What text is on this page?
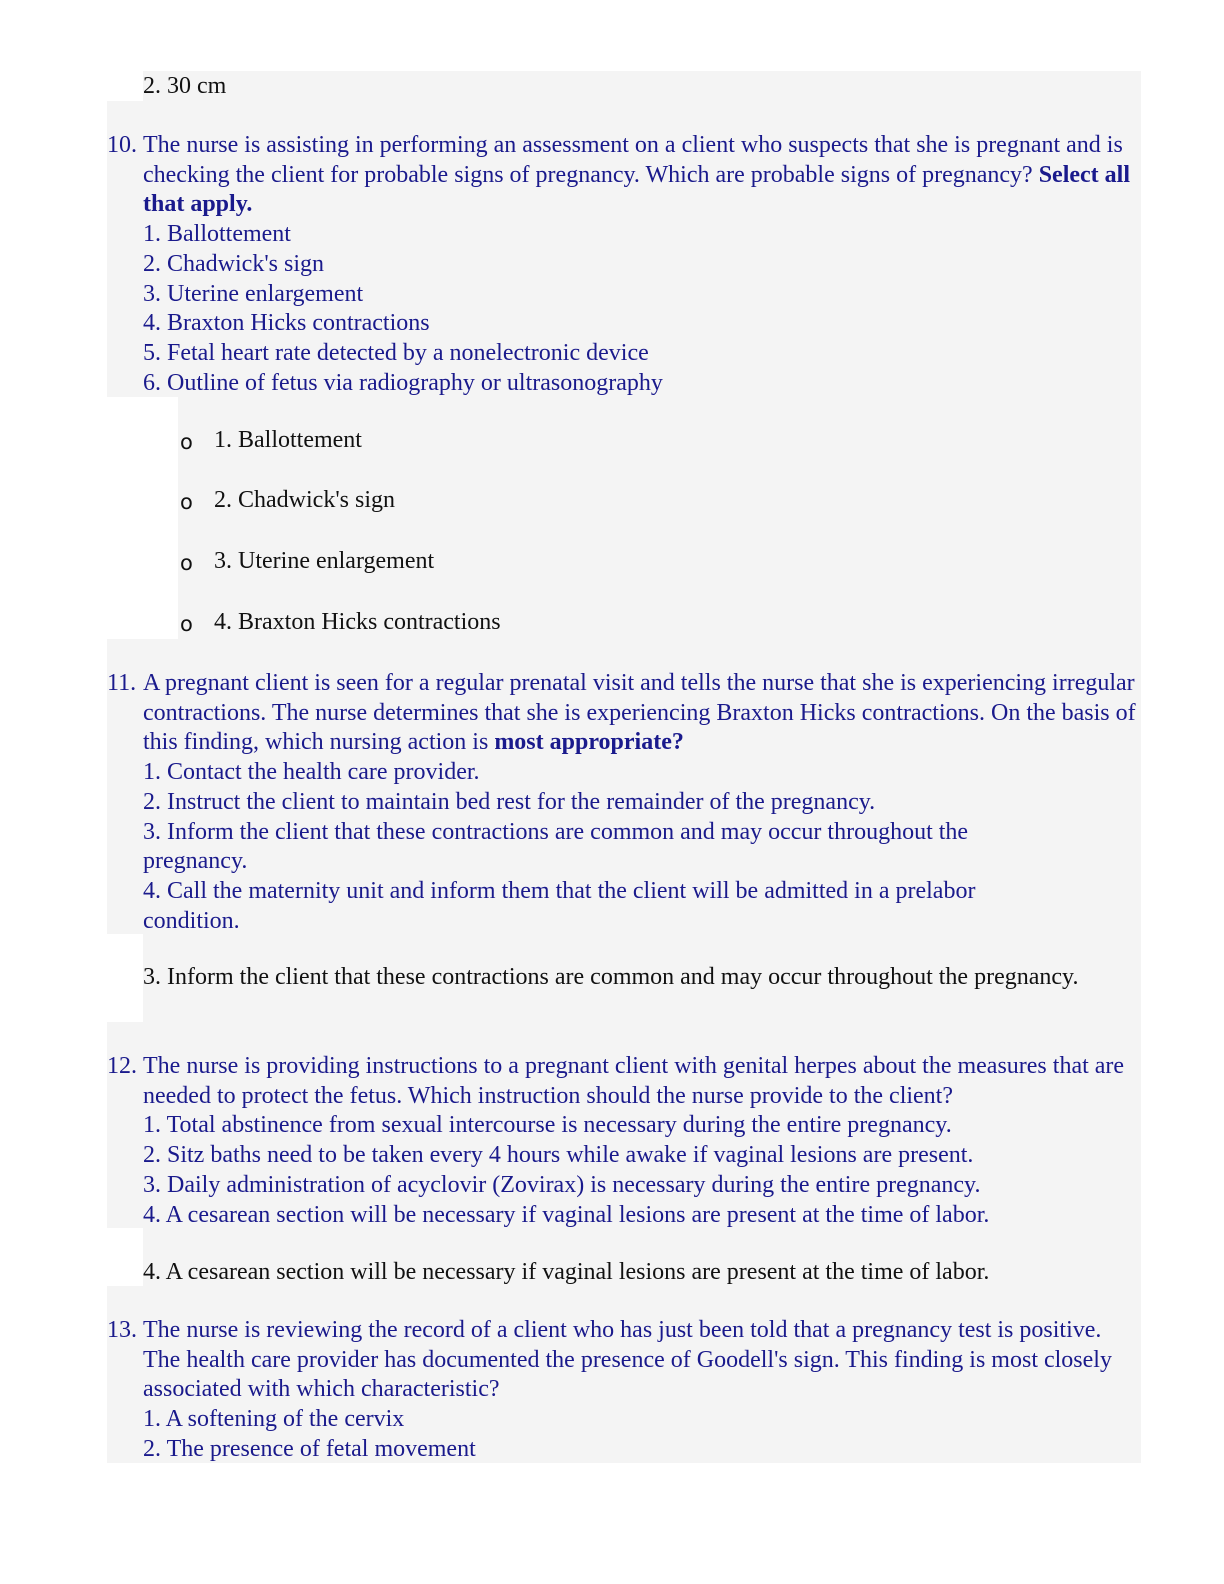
2. 30 cm
10. The nurse is assisting in performing an assessment on a client who suspects that she is pregnant and is checking the client for probable signs of pregnancy. Which are probable signs of pregnancy? Select all that apply.

1. Ballottement

2. Chadwick's sign

3. Uterine enlargement

4. Braxton Hicks contractions

5. Fetal heart rate detected by a nonelectronic device

6. Outline of fetus via radiography or ultrasonography

o 1. Ballottement
o 2. Chadwick's sign
o 3. Uterine enlargement
o 4. Braxton Hicks contractions
11. A pregnant client is seen for a regular prenatal visit and tells the nurse that she is experiencing irregular contractions. The nurse determines that she is experiencing Braxton Hicks contractions. On the basis of this finding, which nursing action is most appropriate?

1. Contact the health care provider.

2. Instruct the client to maintain bed rest for the remainder of the pregnancy.

3. Inform the client that these contractions are common and may occur throughout the pregnancy.

4. Call the maternity unit and inform them that the client will be admitted in a prelabor condition.

3. Inform the client that these contractions are common and may occur throughout the pregnancy.
12. The nurse is providing instructions to a pregnant client with genital herpes about the measures that are needed to protect the fetus. Which instruction should the nurse provide to the client?

1. Total abstinence from sexual intercourse is necessary during the entire pregnancy.

2. Sitz baths need to be taken every 4 hours while awake if vaginal lesions are present.

3. Daily administration of acyclovir (Zovirax) is necessary during the entire pregnancy.

4. A cesarean section will be necessary if vaginal lesions are present at the time of labor.

4. A cesarean section will be necessary if vaginal lesions are present at the time of labor.
13. The nurse is reviewing the record of a client who has just been told that a pregnancy test is positive. The health care provider has documented the presence of Goodell's sign. This finding is most closely associated with which characteristic?

1. A softening of the cervix

2. The presence of fetal movement
